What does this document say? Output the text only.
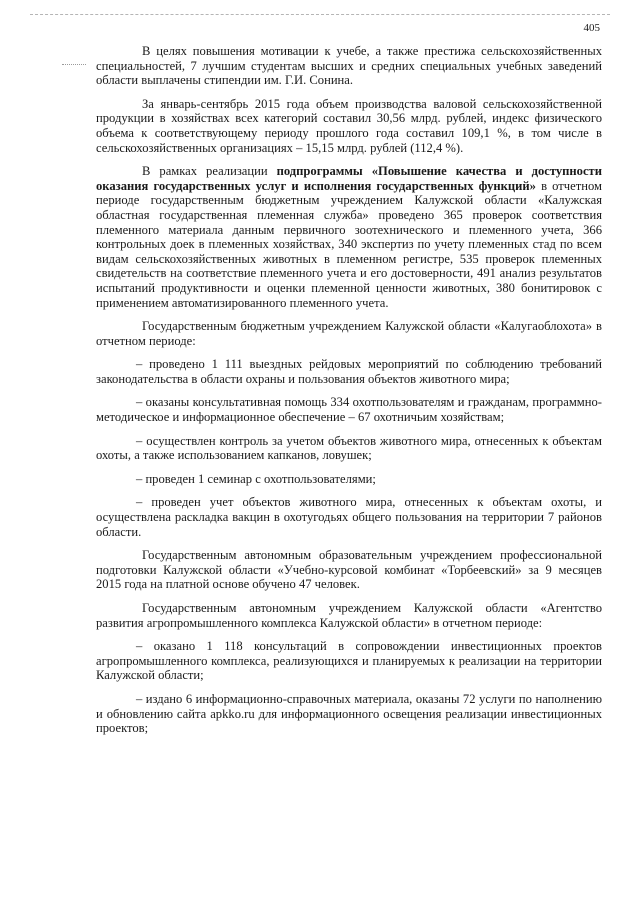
405

В целях повышения мотивации к учебе, а также престижа сельскохозяйственных специальностей, 7 лучшим студентам высших и средних специальных учебных заведений области выплачены стипендии им. Г.И. Сонина.

За январь-сентябрь 2015 года объем производства валовой сельскохозяйственной продукции в хозяйствах всех категорий составил 30,56 млрд. рублей, индекс физического объема к соответствующему периоду прошлого года составил 109,1 %, в том числе в сельскохозяйственных организациях – 15,15 млрд. рублей (112,4 %).

В рамках реализации подпрограммы «Повышение качества и доступности оказания государственных услуг и исполнения государственных функций» в отчетном периоде государственным бюджетным учреждением Калужской области «Калужская областная государственная племенная служба» проведено 365 проверок соответствия племенного материала данным первичного зоотехнического и племенного учета, 366 контрольных доек в племенных хозяйствах, 340 экспертиз по учету племенных стад по всем видам сельскохозяйственных животных в племенном регистре, 535 проверок племенных свидетельств на соответствие племенного учета и его достоверности, 491 анализ результатов испытаний продуктивности и оценки племенной ценности животных, 380 бонитировок с применением автоматизированного племенного учета.

Государственным бюджетным учреждением Калужской области «Калугаоблохота» в отчетном периоде:

– проведено 1 111 выездных рейдовых мероприятий по соблюдению требований законодательства в области охраны и пользования объектов животного мира;

– оказаны консультативная помощь 334 охотпользователям и гражданам, программно-методическое и информационное обеспечение – 67 охотничьим хозяйствам;

– осуществлен контроль за учетом объектов животного мира, отнесенных к объектам охоты, а также использованием капканов, ловушек;

– проведен 1 семинар с охотпользователями;

– проведен учет объектов животного мира, отнесенных к объектам охоты, и осуществлена раскладка вакцин в охотугодьях общего пользования на территории 7 районов области.

Государственным автономным образовательным учреждением профессиональной подготовки Калужской области «Учебно-курсовой комбинат «Торбеевский» за 9 месяцев 2015 года на платной основе обучено 47 человек.

Государственным автономным учреждением Калужской области «Агентство развития агропромышленного комплекса Калужской области» в отчетном периоде:

– оказано 1 118 консультаций в сопровождении инвестиционных проектов агропромышленного комплекса, реализующихся и планируемых к реализации на территории Калужской области;

– издано 6 информационно-справочных материала, оказаны 72 услуги по наполнению и обновлению сайта apkko.ru для информационного освещения реализации инвестиционных проектов;
